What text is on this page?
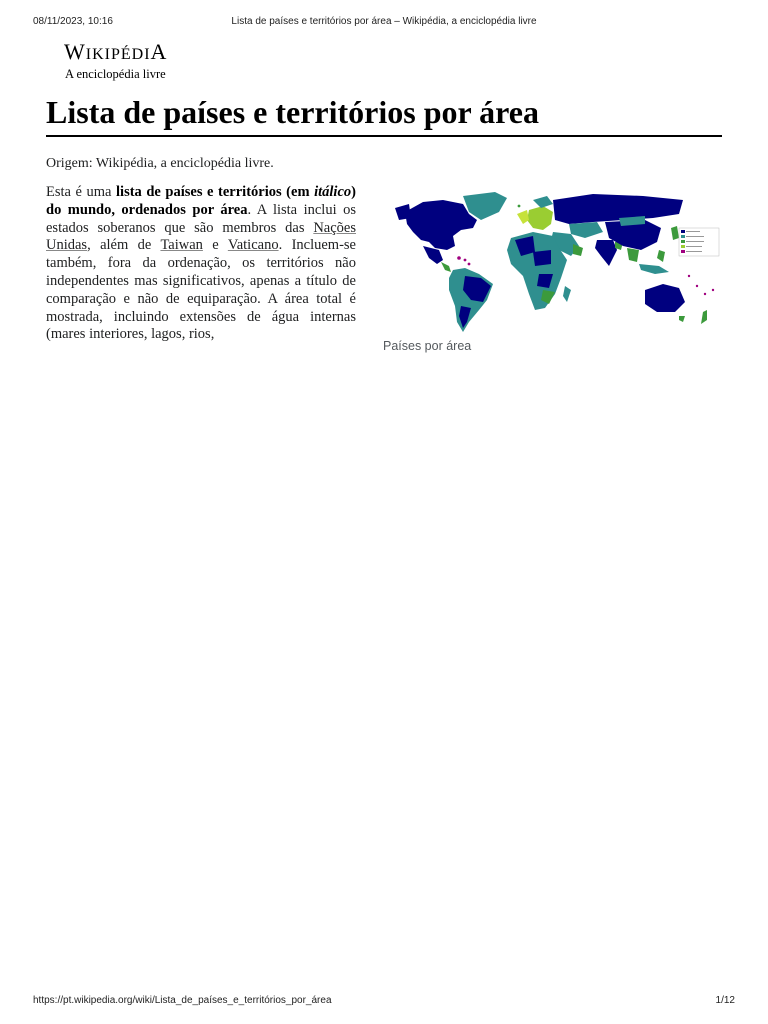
08/11/2023, 10:16	Lista de países e territórios por área – Wikipédia, a enciclopédia livre
WIKIPÉDIA
A enciclopédia livre
Lista de países e territórios por área
Origem: Wikipédia, a enciclopédia livre.

Esta é uma lista de países e territórios (em itálico) do mundo, ordenados por área. A lista inclui os estados soberanos que são membros das Nações Unidas, além de Taiwan e Vaticano. Incluem-se também, fora da ordenação, os territórios não independentes mas significativos, apenas a título de comparação e não de equiparação. A área total é mostrada, incluindo extensões de água internas (mares interiores, lagos, rios,

Países por área
https://pt.wikipedia.org/wiki/Lista_de_países_e_territórios_por_área	1/12
